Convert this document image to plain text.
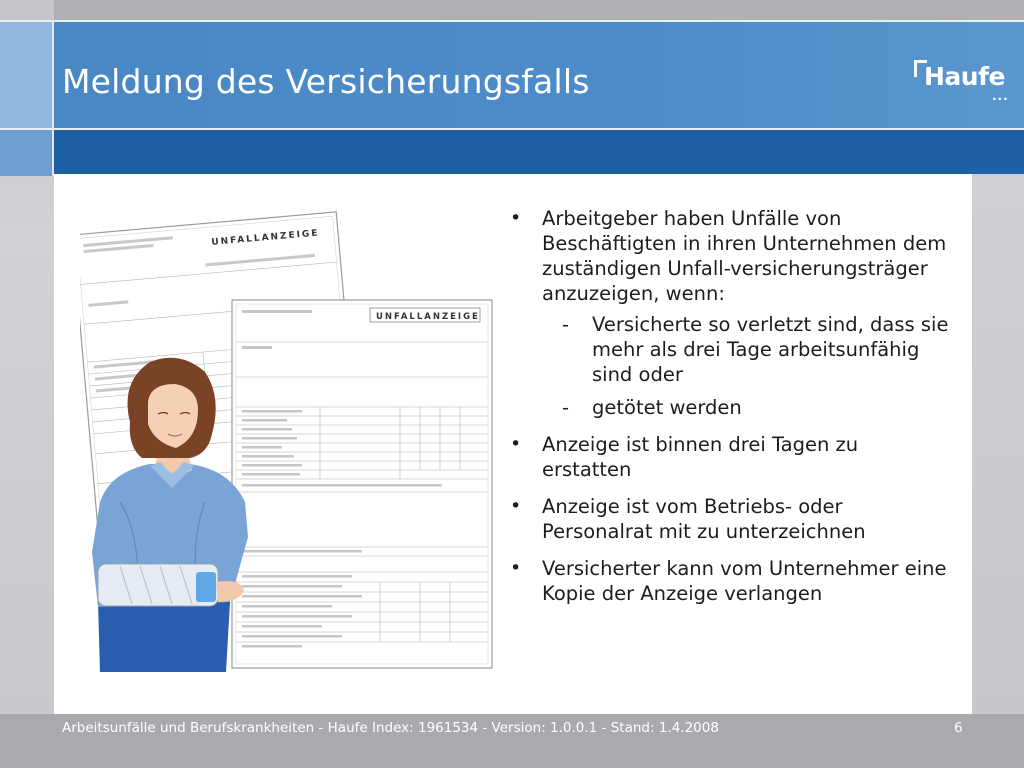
Meldung des Versicherungsfalls	Haufe
···
UNFALLANZEIGE
UNFALLANZEIGE
• Arbeitgeber haben Unfälle von Beschäftigten in ihren Unternehmen dem zuständigen Unfall-versicherungsträger anzuzeigen, wenn:
- Versicherte so verletzt sind, dass sie mehr als drei Tage arbeitsunfähig sind oder
- getötet werden
• Anzeige ist binnen drei Tagen zu erstatten
• Anzeige ist vom Betriebs- oder Personalrat mit zu unterzeichnen
• Versicherter kann vom Unternehmer eine Kopie der Anzeige verlangen
Arbeitsunfälle und Berufskrankheiten - Haufe Index: 1961534 - Version: 1.0.0.1 - Stand: 1.4.2008	6
